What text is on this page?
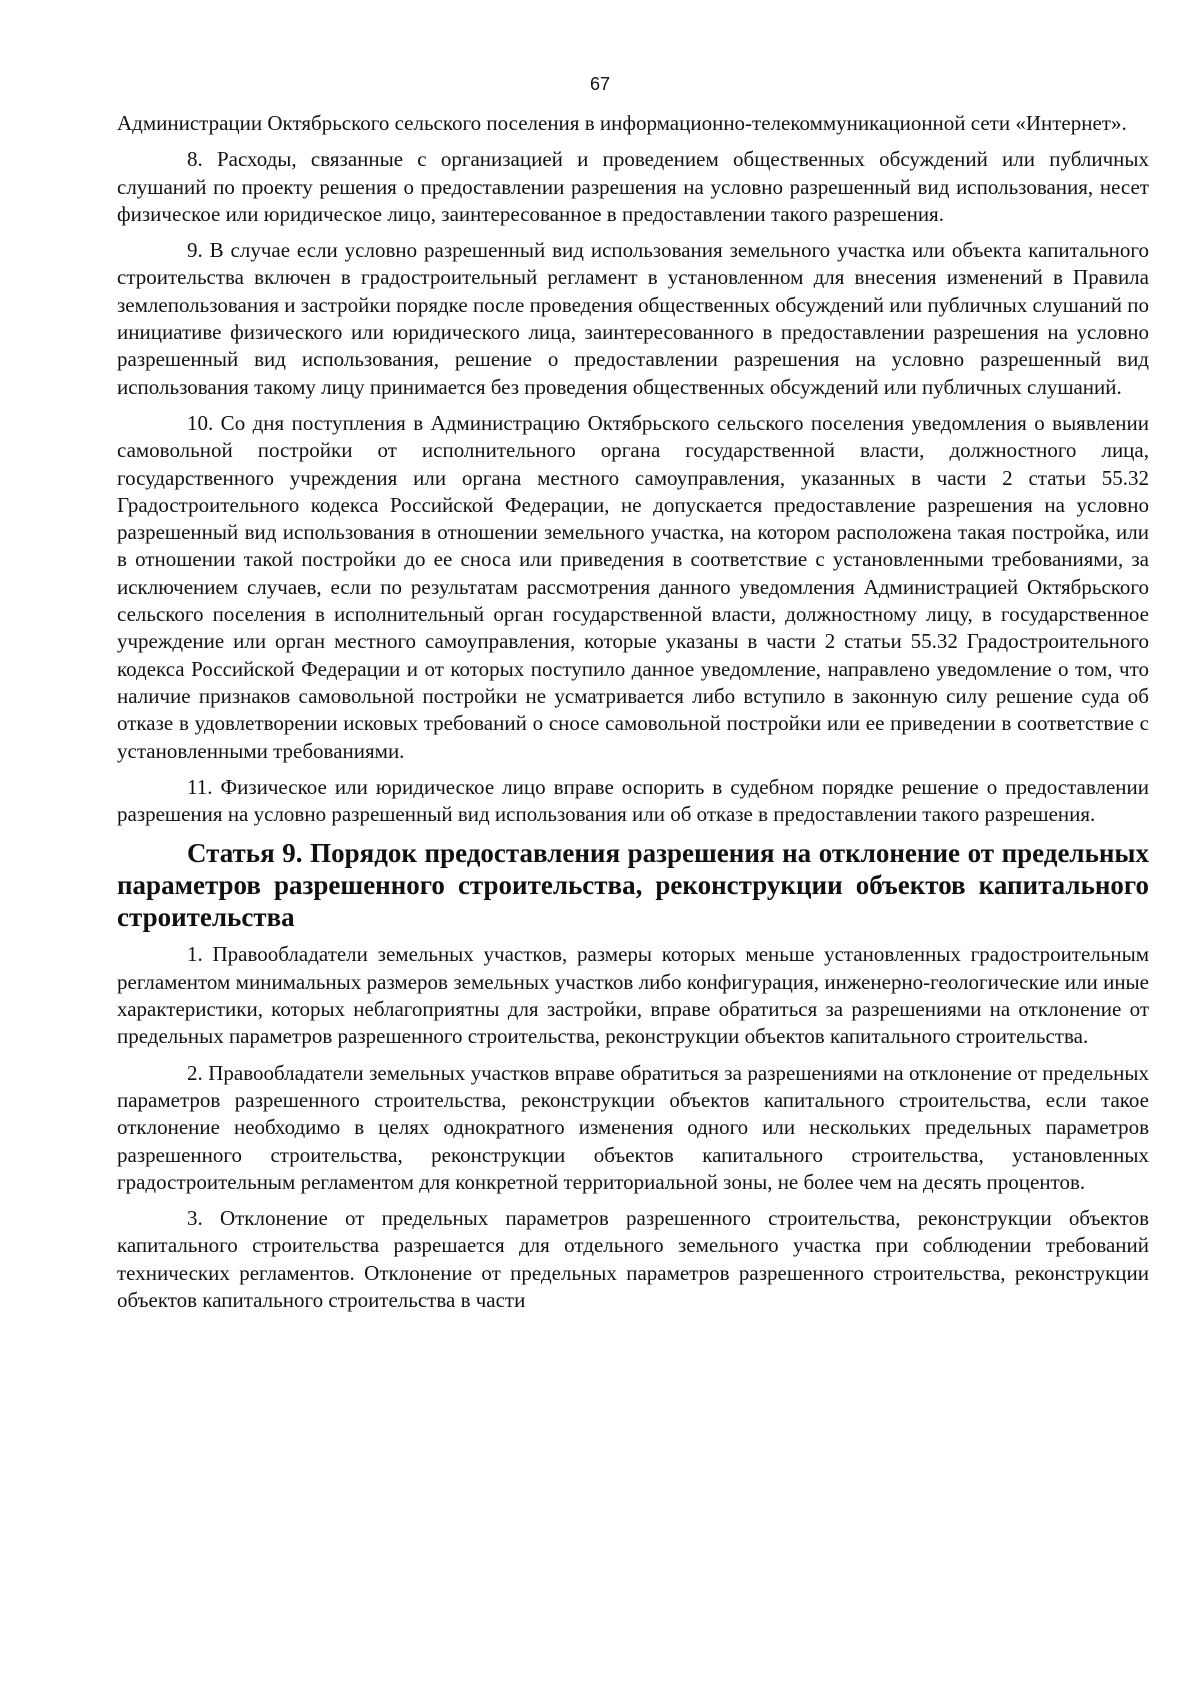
67

Администрации Октябрьского сельского поселения в информационно-телекоммуникационной сети «Интернет».

8. Расходы, связанные с организацией и проведением общественных обсуждений или публичных слушаний по проекту решения о предоставлении разрешения на условно разрешенный вид использования, несет физическое или юридическое лицо, заинтересованное в предоставлении такого разрешения.

9. В случае если условно разрешенный вид использования земельного участка или объекта капитального строительства включен в градостроительный регламент в установленном для внесения изменений в Правила землепользования и застройки порядке после проведения общественных обсуждений или публичных слушаний по инициативе физического или юридического лица, заинтересованного в предоставлении разрешения на условно разрешенный вид использования, решение о предоставлении разрешения на условно разрешенный вид использования такому лицу принимается без проведения общественных обсуждений или публичных слушаний.

10. Со дня поступления в Администрацию Октябрьского сельского поселения уведомления о выявлении самовольной постройки от исполнительного органа государственной власти, должностного лица, государственного учреждения или органа местного самоуправления, указанных в части 2 статьи 55.32 Градостроительного кодекса Российской Федерации, не допускается предоставление разрешения на условно разрешенный вид использования в отношении земельного участка, на котором расположена такая постройка, или в отношении такой постройки до ее сноса или приведения в соответствие с установленными требованиями, за исключением случаев, если по результатам рассмотрения данного уведомления Администрацией Октябрьского сельского поселения в исполнительный орган государственной власти, должностному лицу, в государственное учреждение или орган местного самоуправления, которые указаны в части 2 статьи 55.32 Градостроительного кодекса Российской Федерации и от которых поступило данное уведомление, направлено уведомление о том, что наличие признаков самовольной постройки не усматривается либо вступило в законную силу решение суда об отказе в удовлетворении исковых требований о сносе самовольной постройки или ее приведении в соответствие с установленными требованиями.

11. Физическое или юридическое лицо вправе оспорить в судебном порядке решение о предоставлении разрешения на условно разрешенный вид использования или об отказе в предоставлении такого разрешения.

Статья 9. Порядок предоставления разрешения на отклонение от предельных параметров разрешенного строительства, реконструкции объектов капитального строительства

1. Правообладатели земельных участков, размеры которых меньше установленных градостроительным регламентом минимальных размеров земельных участков либо конфигурация, инженерно-геологические или иные характеристики, которых неблагоприятны для застройки, вправе обратиться за разрешениями на отклонение от предельных параметров разрешенного строительства, реконструкции объектов капитального строительства.

2. Правообладатели земельных участков вправе обратиться за разрешениями на отклонение от предельных параметров разрешенного строительства, реконструкции объектов капитального строительства, если такое отклонение необходимо в целях однократного изменения одного или нескольких предельных параметров разрешенного строительства, реконструкции объектов капитального строительства, установленных градостроительным регламентом для конкретной территориальной зоны, не более чем на десять процентов.

3. Отклонение от предельных параметров разрешенного строительства, реконструкции объектов капитального строительства разрешается для отдельного земельного участка при соблюдении требований технических регламентов. Отклонение от предельных параметров разрешенного строительства, реконструкции объектов капитального строительства в части
